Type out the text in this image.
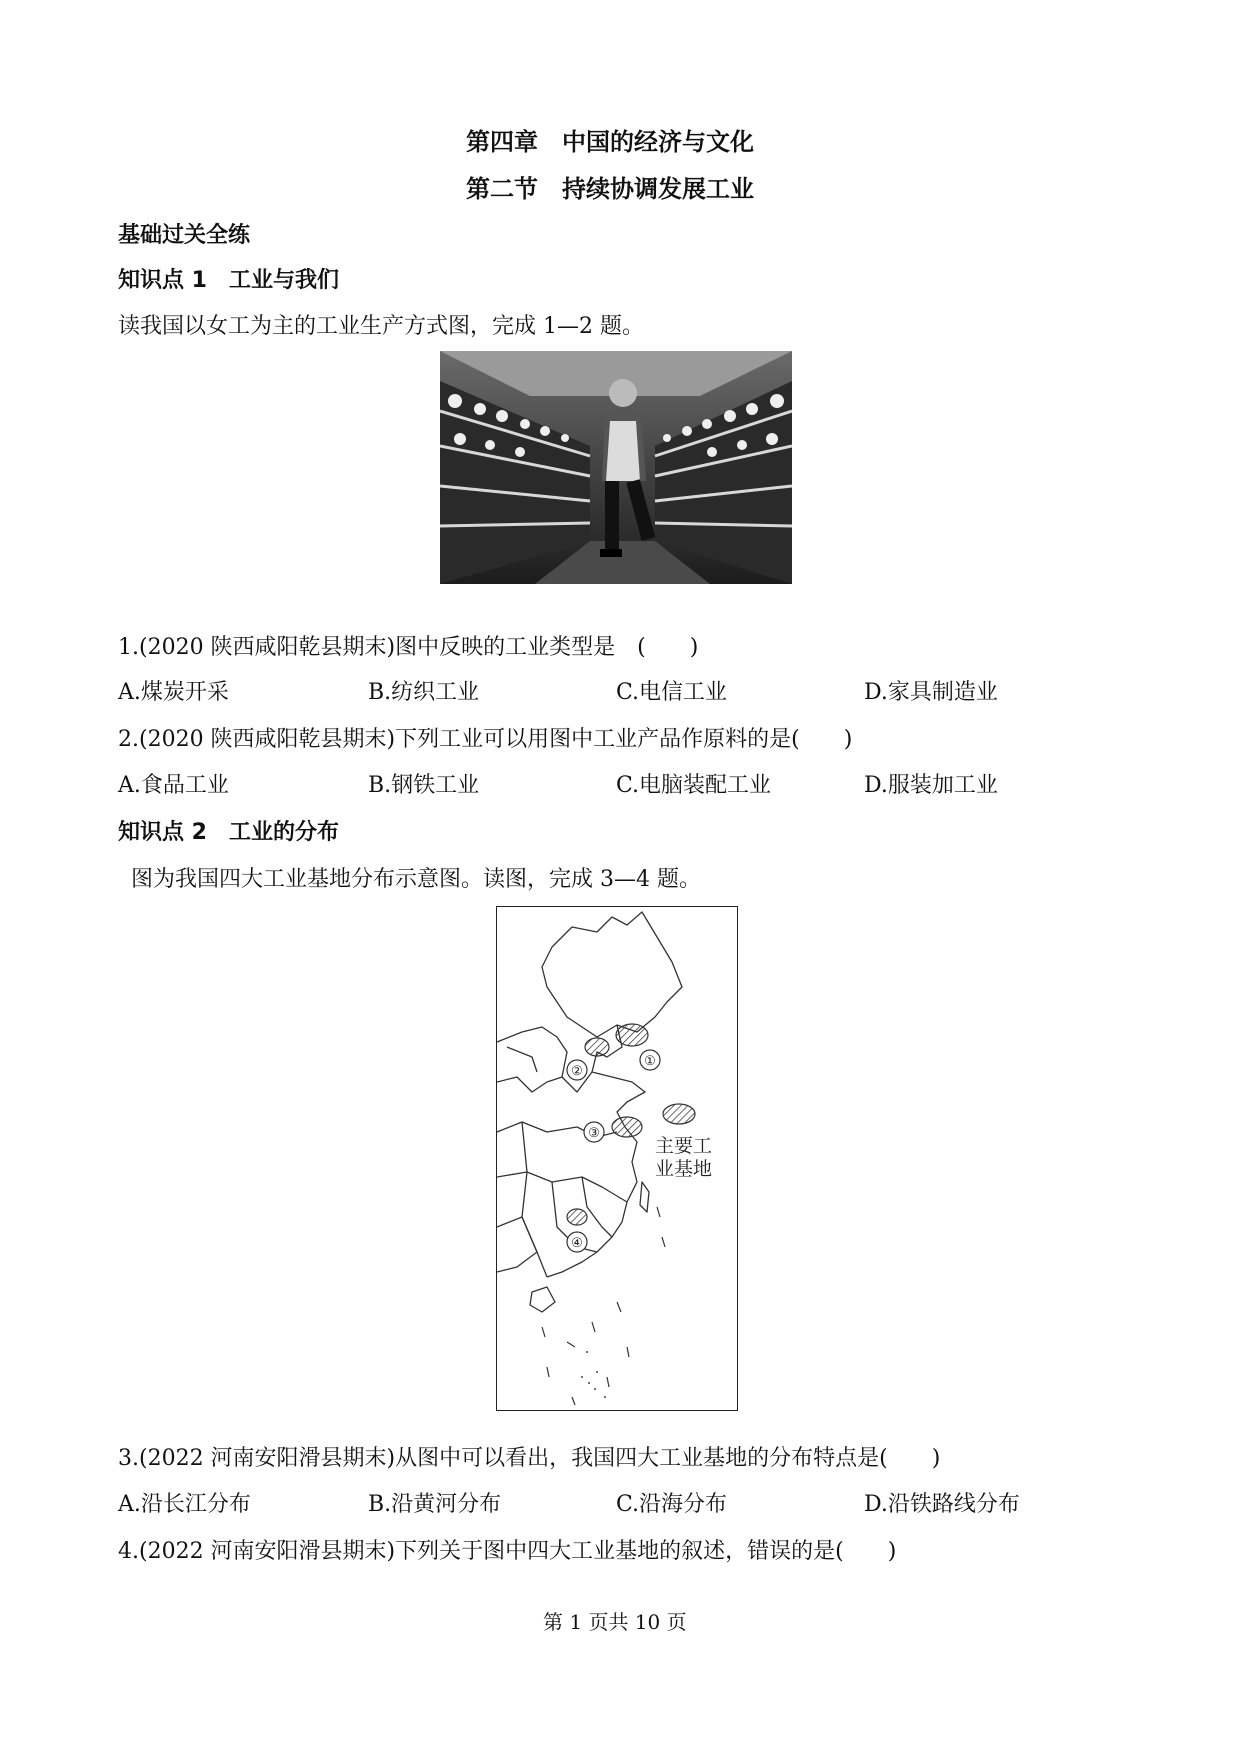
第四章　中国的经济与文化
第二节　持续协调发展工业
基础过关全练
知识点 1　工业与我们
读我国以女工为主的工业生产方式图，完成 1—2 题。
1.(2020 陕西咸阳乾县期末)图中反映的工业类型是　(　　)
A.煤炭开采	B.纺织工业	C.电信工业	D.家具制造业
2.(2020 陕西咸阳乾县期末)下列工业可以用图中工业产品作原料的是(　　)
A.食品工业	B.钢铁工业	C.电脑装配工业	D.服装加工业
知识点 2　工业的分布
图为我国四大工业基地分布示意图。读图，完成 3—4 题。
①
②
③
④
主要工
业基地
3.(2022 河南安阳滑县期末)从图中可以看出，我国四大工业基地的分布特点是(　　)
A.沿长江分布	B.沿黄河分布	C.沿海分布	D.沿铁路线分布
4.(2022 河南安阳滑县期末)下列关于图中四大工业基地的叙述，错误的是(　　)
第 1 页共 10 页
